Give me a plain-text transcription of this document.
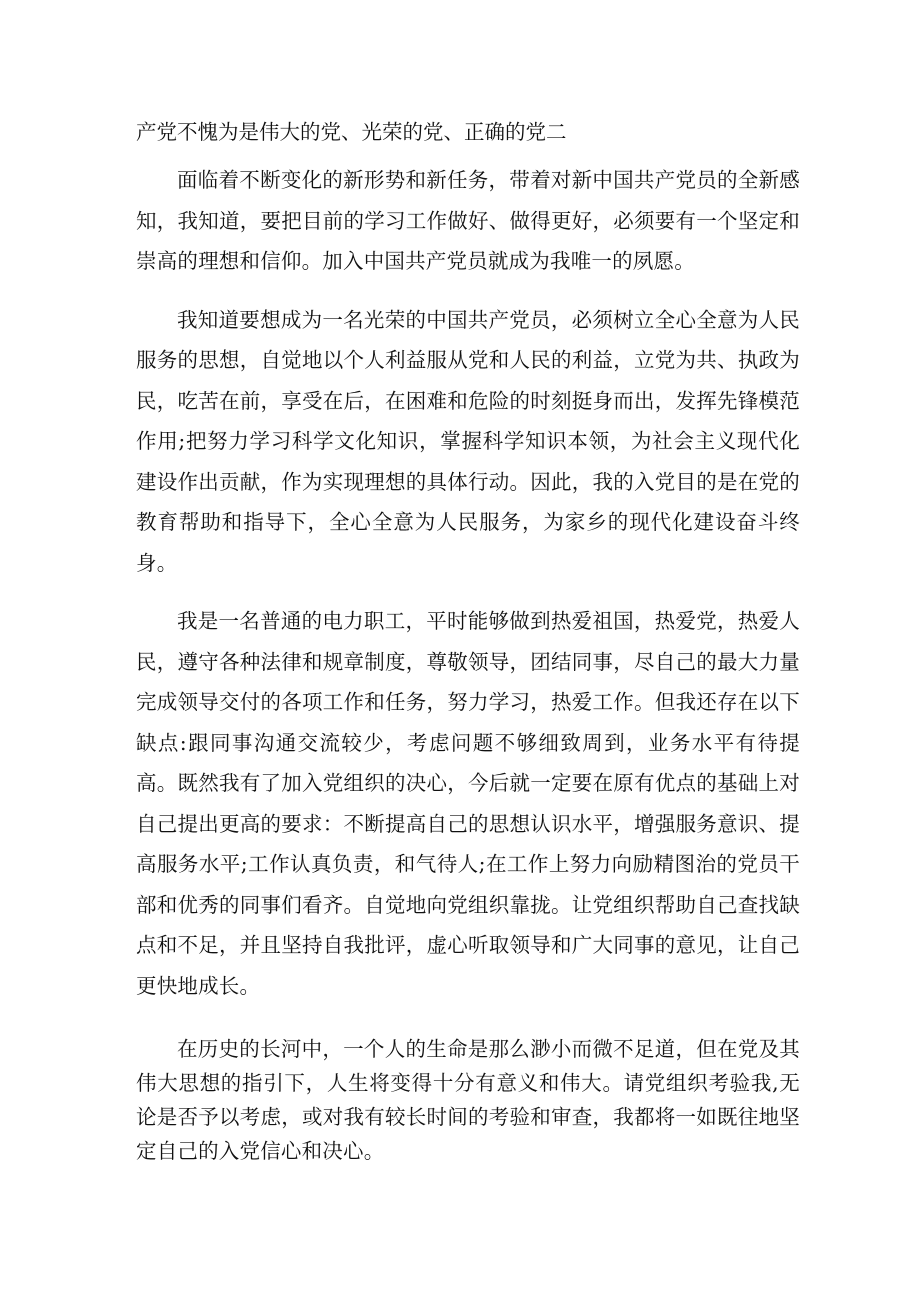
产党不愧为是伟大的党、光荣的党、正确的党二

面临着不断变化的新形势和新任务，带着对新中国共产党员的全新感知，我知道，要把目前的学习工作做好、做得更好，必须要有一个坚定和崇高的理想和信仰。加入中国共产党员就成为我唯一的夙愿。

我知道要想成为一名光荣的中国共产党员，必须树立全心全意为人民服务的思想，自觉地以个人利益服从党和人民的利益，立党为共、执政为民，吃苦在前，享受在后，在困难和危险的时刻挺身而出，发挥先锋模范作用;把努力学习科学文化知识，掌握科学知识本领，为社会主义现代化建设作出贡献，作为实现理想的具体行动。因此，我的入党目的是在党的教育帮助和指导下，全心全意为人民服务，为家乡的现代化建设奋斗终身。

我是一名普通的电力职工，平时能够做到热爱祖国，热爱党，热爱人民，遵守各种法律和规章制度，尊敬领导，团结同事，尽自己的最大力量完成领导交付的各项工作和任务，努力学习，热爱工作。但我还存在以下缺点:跟同事沟通交流较少，考虑问题不够细致周到，业务水平有待提高。既然我有了加入党组织的决心，今后就一定要在原有优点的基础上对自己提出更高的要求：不断提高自己的思想认识水平，增强服务意识、提高服务水平;工作认真负责，和气待人;在工作上努力向励精图治的党员干部和优秀的同事们看齐。自觉地向党组织靠拢。让党组织帮助自己查找缺点和不足，并且坚持自我批评，虚心听取领导和广大同事的意见，让自己更快地成长。

在历史的长河中，一个人的生命是那么渺小而微不足道，但在党及其伟大思想的指引下，人生将变得十分有意义和伟大。请党组织考验我,无论是否予以考虑，或对我有较长时间的考验和审查，我都将一如既往地坚定自己的入党信心和决心。
